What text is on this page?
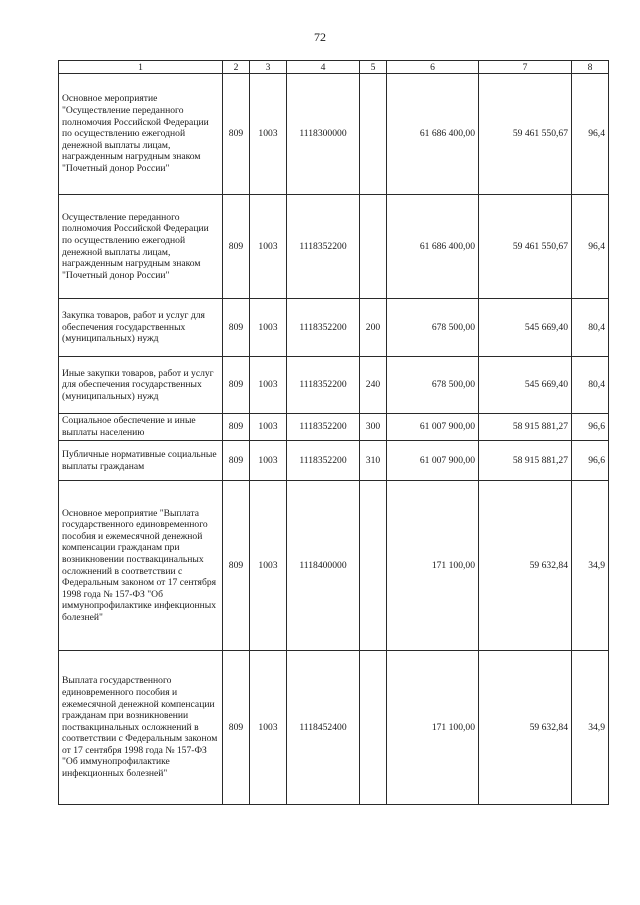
72
1	2	3	4	5	6	7	8
Основное мероприятие "Осуществление переданного полномочия Российской Федерации по осуществлению ежегодной денежной выплаты лицам, награжденным нагрудным знаком "Почетный донор России"	809	1003	1118300000		61 686 400,00	59 461 550,67	96,4
Осуществление переданного полномочия Российской Федерации по осуществлению ежегодной денежной выплаты лицам, награжденным нагрудным знаком "Почетный донор России"	809	1003	1118352200		61 686 400,00	59 461 550,67	96,4
Закупка товаров, работ и услуг для обеспечения государственных (муниципальных) нужд	809	1003	1118352200	200	678 500,00	545 669,40	80,4
Иные закупки товаров, работ и услуг для обеспечения государственных (муниципальных) нужд	809	1003	1118352200	240	678 500,00	545 669,40	80,4
Социальное обеспечение и иные выплаты населению	809	1003	1118352200	300	61 007 900,00	58 915 881,27	96,6
Публичные нормативные социальные выплаты гражданам	809	1003	1118352200	310	61 007 900,00	58 915 881,27	96,6
Основное мероприятие "Выплата государственного единовременного пособия и ежемесячной денежной компенсации гражданам при возникновении поствакцинальных осложнений в соответствии с Федеральным законом от 17 сентября 1998 года № 157-ФЗ "Об иммунопрофилактике инфекционных болезней"	809	1003	1118400000		171 100,00	59 632,84	34,9
Выплата государственного единовременного пособия и ежемесячной денежной компенсации гражданам при возникновении поствакцинальных осложнений в соответствии с Федеральным законом от 17 сентября 1998 года № 157-ФЗ "Об иммунопрофилактике инфекционных болезней"	809	1003	1118452400		171 100,00	59 632,84	34,9
